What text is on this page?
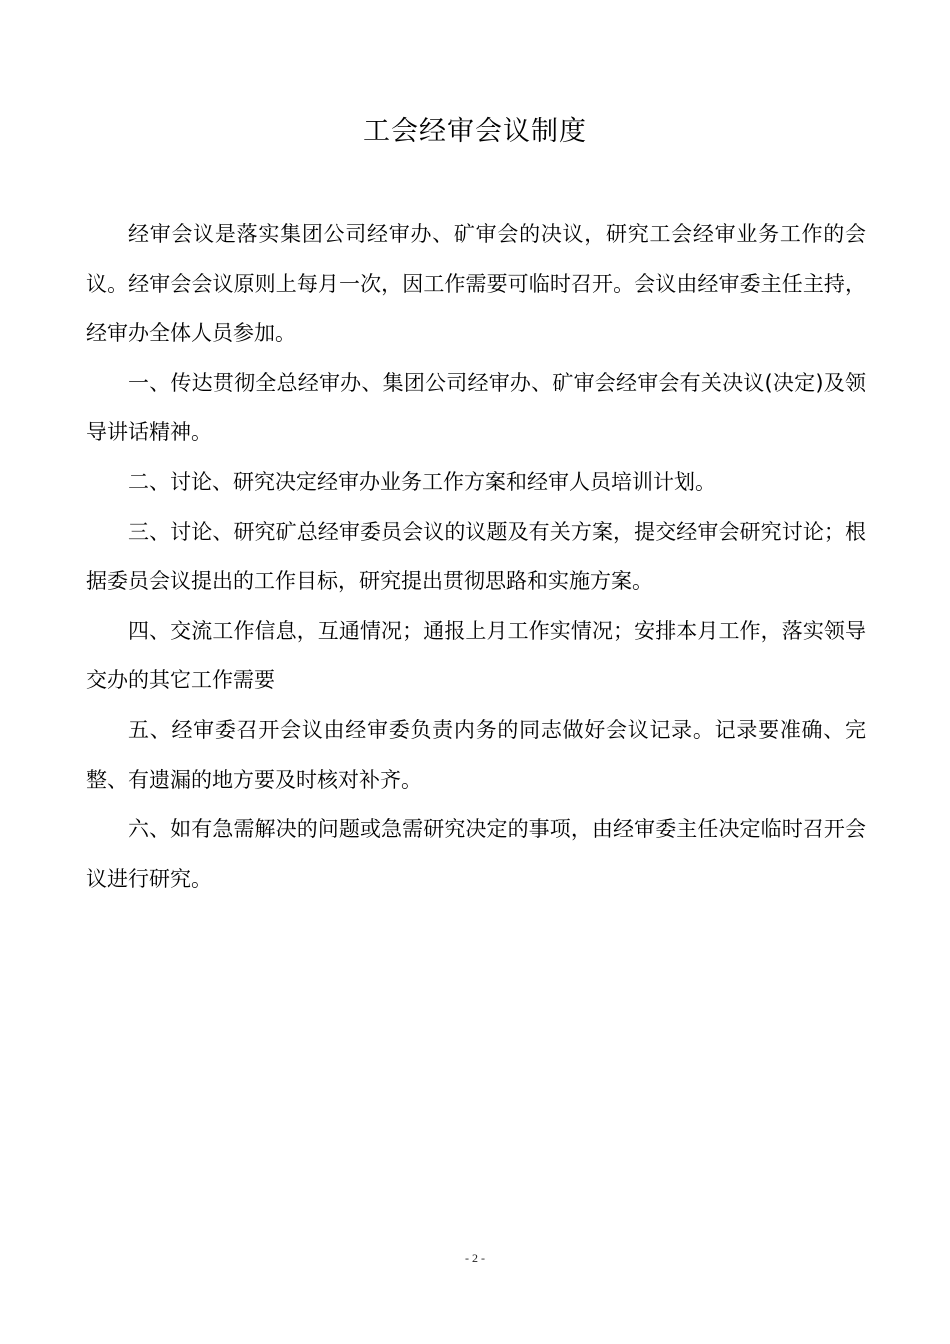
工会经审会议制度

经审会议是落实集团公司经审办、矿审会的决议，研究工会经审业务工作的会议。经审会会议原则上每月一次，因工作需要可临时召开。会议由经审委主任主持，经审办全体人员参加。

一、传达贯彻全总经审办、集团公司经审办、矿审会经审会有关决议(决定)及领导讲话精神。

二、讨论、研究决定经审办业务工作方案和经审人员培训计划。

三、讨论、研究矿总经审委员会议的议题及有关方案，提交经审会研究讨论；根据委员会议提出的工作目标，研究提出贯彻思路和实施方案。

四、交流工作信息，互通情况；通报上月工作实情况；安排本月工作，落实领导交办的其它工作需要

五、经审委召开会议由经审委负责内务的同志做好会议记录。记录要准确、完整、有遗漏的地方要及时核对补齐。

六、如有急需解决的问题或急需研究决定的事项，由经审委主任决定临时召开会议进行研究。

- 2 -
